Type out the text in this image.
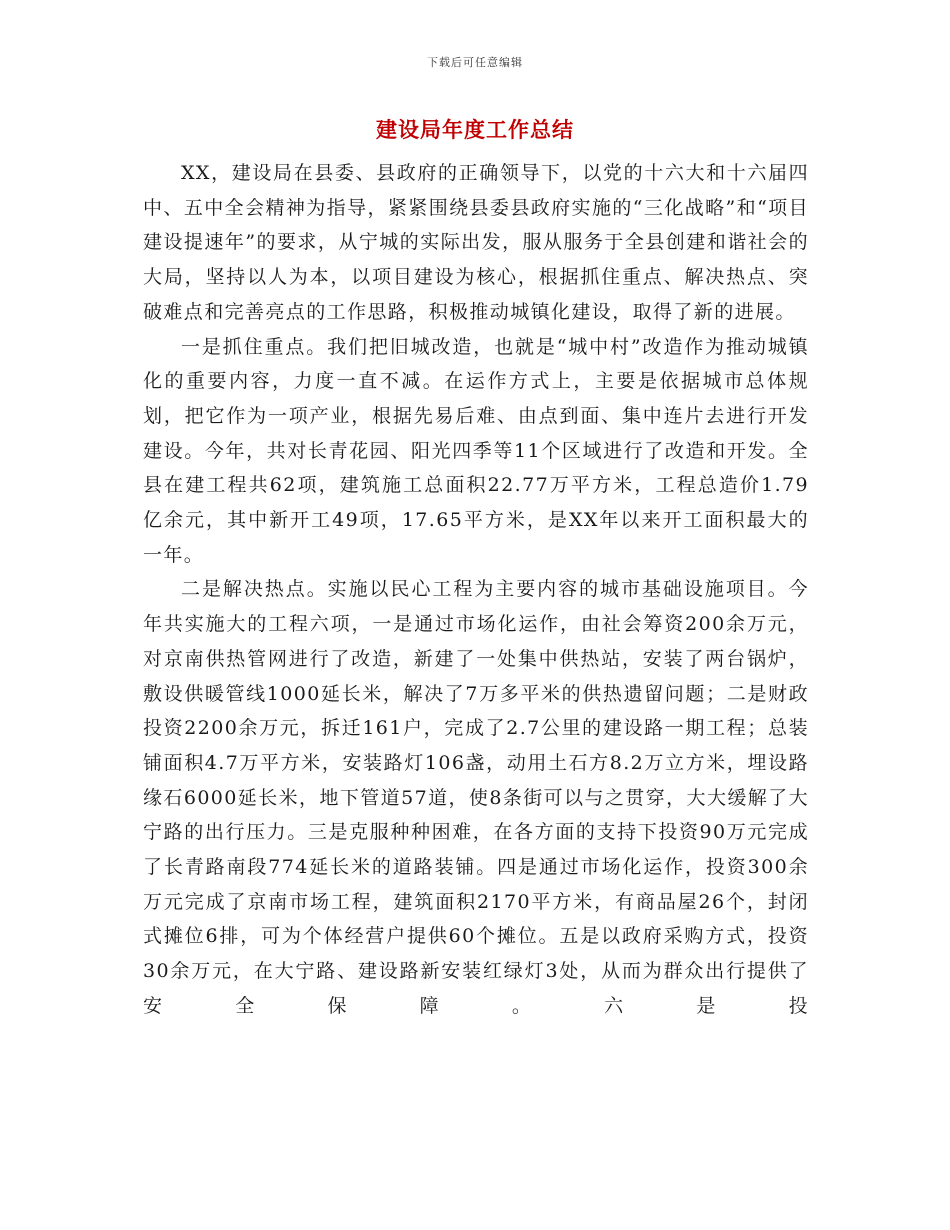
下载后可任意编辑
建设局年度工作总结

XX，建设局在县委、县政府的正确领导下，以党的十六大和十六届四中、五中全会精神为指导，紧紧围绕县委县政府实施的“三化战略”和“项目建设提速年”的要求，从宁城的实际出发，服从服务于全县创建和谐社会的大局，坚持以人为本，以项目建设为核心，根据抓住重点、解决热点、突破难点和完善亮点的工作思路，积极推动城镇化建设，取得了新的进展。

一是抓住重点。我们把旧城改造，也就是“城中村”改造作为推动城镇化的重要内容，力度一直不减。在运作方式上，主要是依据城市总体规划，把它作为一项产业，根据先易后难、由点到面、集中连片去进行开发建设。今年，共对长青花园、阳光四季等11个区域进行了改造和开发。全县在建工程共62项，建筑施工总面积22.77万平方米，工程总造价1.79亿余元，其中新开工49项，17.65平方米，是XX年以来开工面积最大的一年。

二是解决热点。实施以民心工程为主要内容的城市基础设施项目。今年共实施大的工程六项，一是通过市场化运作，由社会筹资200余万元，对京南供热管网进行了改造，新建了一处集中供热站，安装了两台锅炉，敷设供暖管线1000延长米，解决了7万多平米的供热遗留问题；二是财政投资2200余万元，拆迁161户，完成了2.7公里的建设路一期工程；总装铺面积4.7万平方米，安装路灯106盏，动用土石方8.2万立方米，埋设路缘石6000延长米，地下管道57道，使8条街可以与之贯穿，大大缓解了大宁路的出行压力。三是克服种种困难，在各方面的支持下投资90万元完成了长青路南段774延长米的道路装铺。四是通过市场化运作，投资300余万元完成了京南市场工程，建筑面积2170平方米，有商品屋26个，封闭式摊位6排，可为个体经营户提供60个摊位。五是以政府采购方式，投资30余万元，在大宁路、建设路新安装红绿灯3处，从而为群众出行提供了安全保障。六是投
